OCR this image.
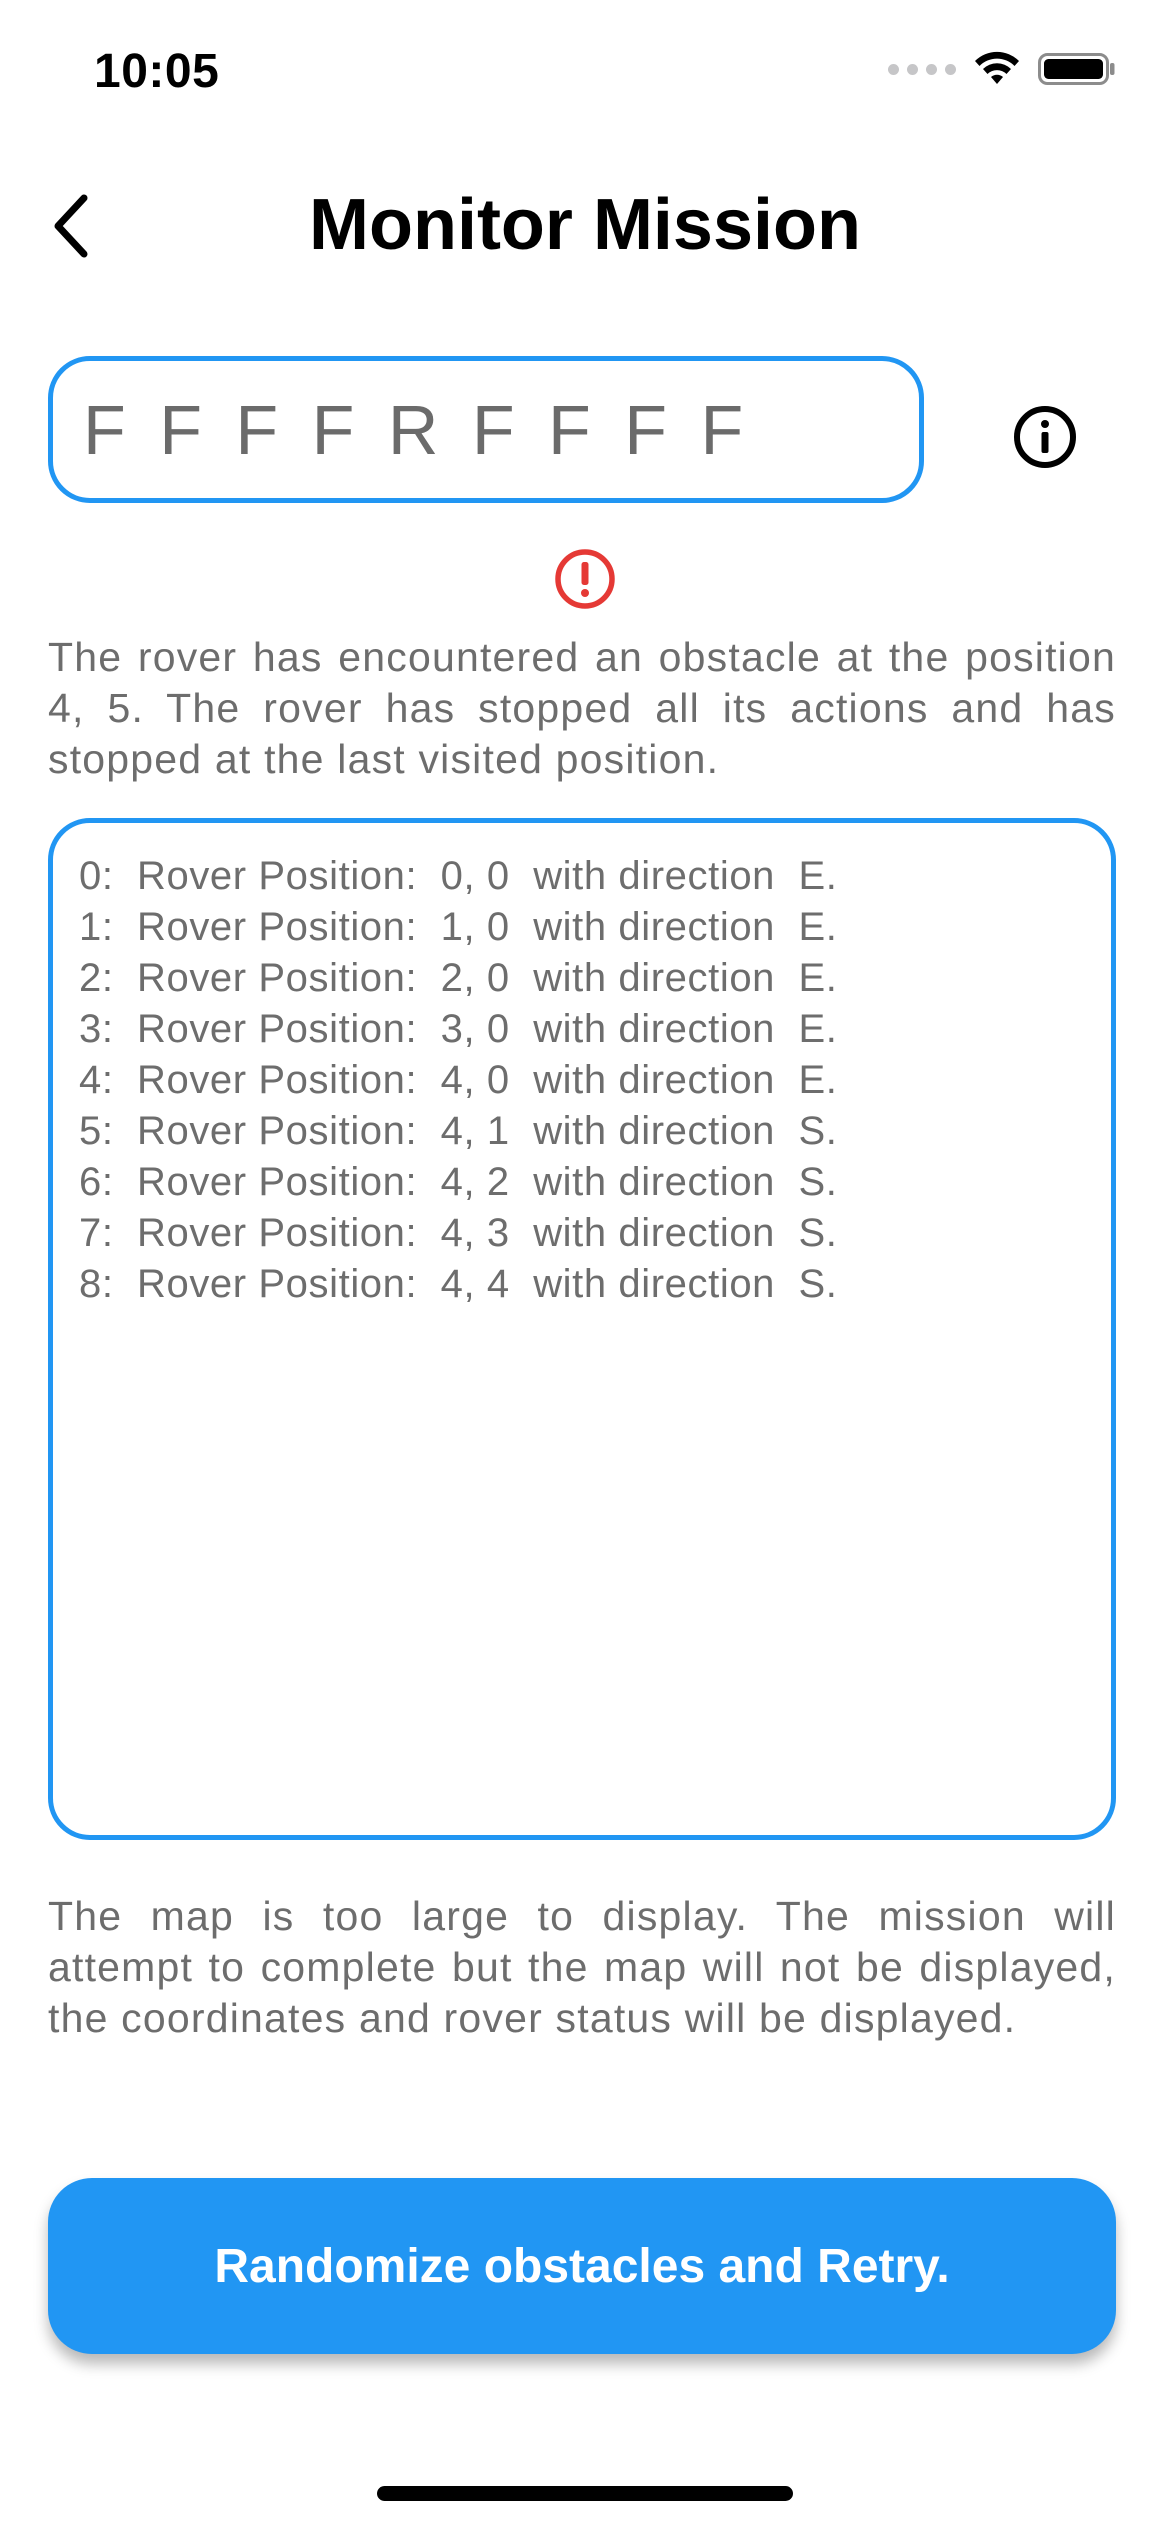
10:05
Monitor Mission
F F F F R F F F F

The rover has encountered an obstacle at the position 4, 5. The rover has stopped all its actions and has stopped at the last visited position.

0:  Rover Position:  0, 0  with direction  E.
1:  Rover Position:  1, 0  with direction  E.
2:  Rover Position:  2, 0  with direction  E.
3:  Rover Position:  3, 0  with direction  E.
4:  Rover Position:  4, 0  with direction  E.
5:  Rover Position:  4, 1  with direction  S.
6:  Rover Position:  4, 2  with direction  S.
7:  Rover Position:  4, 3  with direction  S.
8:  Rover Position:  4, 4  with direction  S.

The map is too large to display. The mission will attempt to complete but the map will not be displayed, the coordinates and rover status will be displayed.

Randomize obstacles and Retry.
